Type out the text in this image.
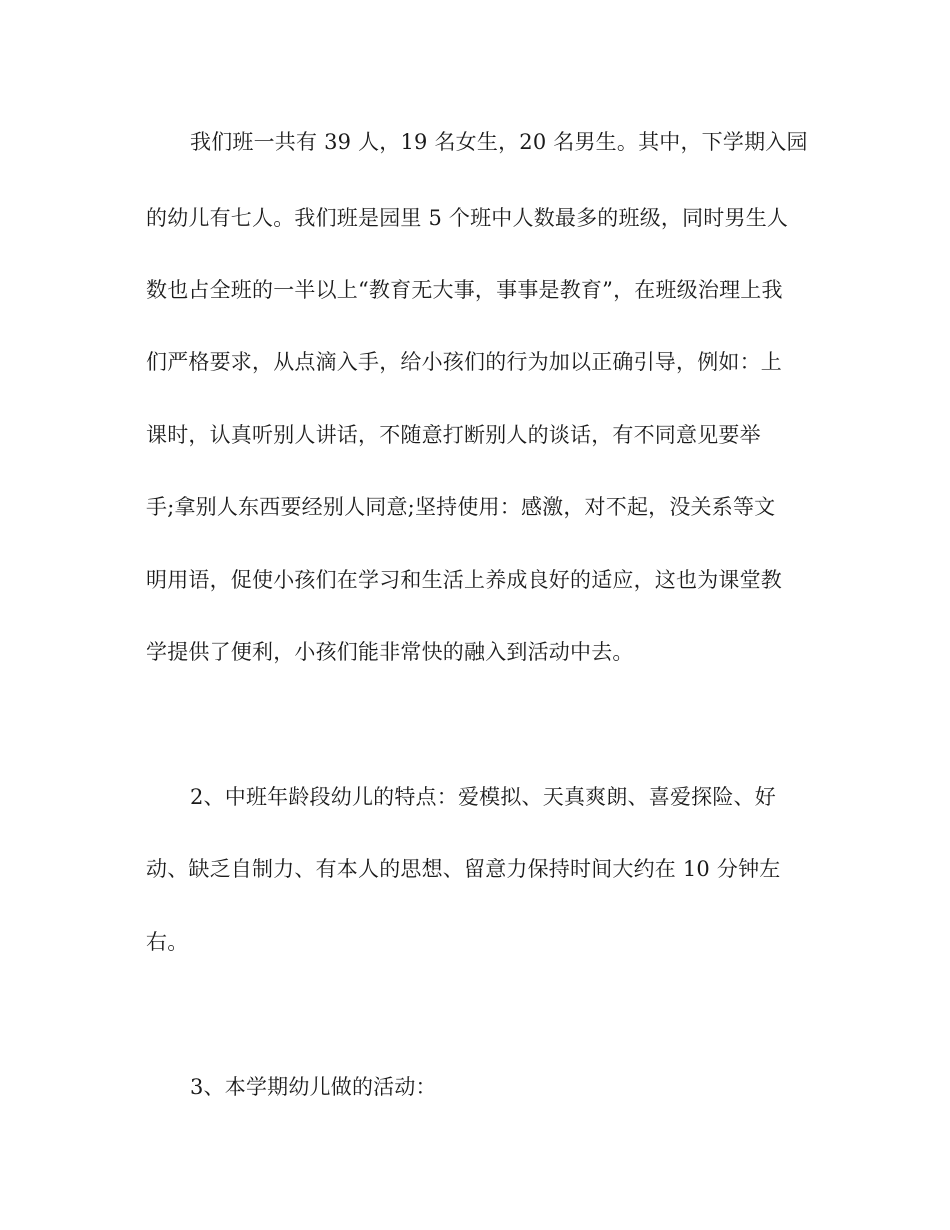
我们班一共有 39 人，19 名女生，20 名男生。其中，下学期入园
的幼儿有七人。我们班是园里 5 个班中人数最多的班级，同时男生人
数也占全班的一半以上“教育无大事，事事是教育”，在班级治理上我
们严格要求，从点滴入手，给小孩们的行为加以正确引导，例如：上
课时，认真听别人讲话，不随意打断别人的谈话，有不同意见要举
手;拿别人东西要经别人同意;坚持使用：感激，对不起，没关系等文
明用语，促使小孩们在学习和生活上养成良好的适应，这也为课堂教
学提供了便利，小孩们能非常快的融入到活动中去。
2、中班年龄段幼儿的特点：爱模拟、天真爽朗、喜爱探险、好
动、缺乏自制力、有本人的思想、留意力保持时间大约在 10 分钟左
右。
3、本学期幼儿做的活动：
